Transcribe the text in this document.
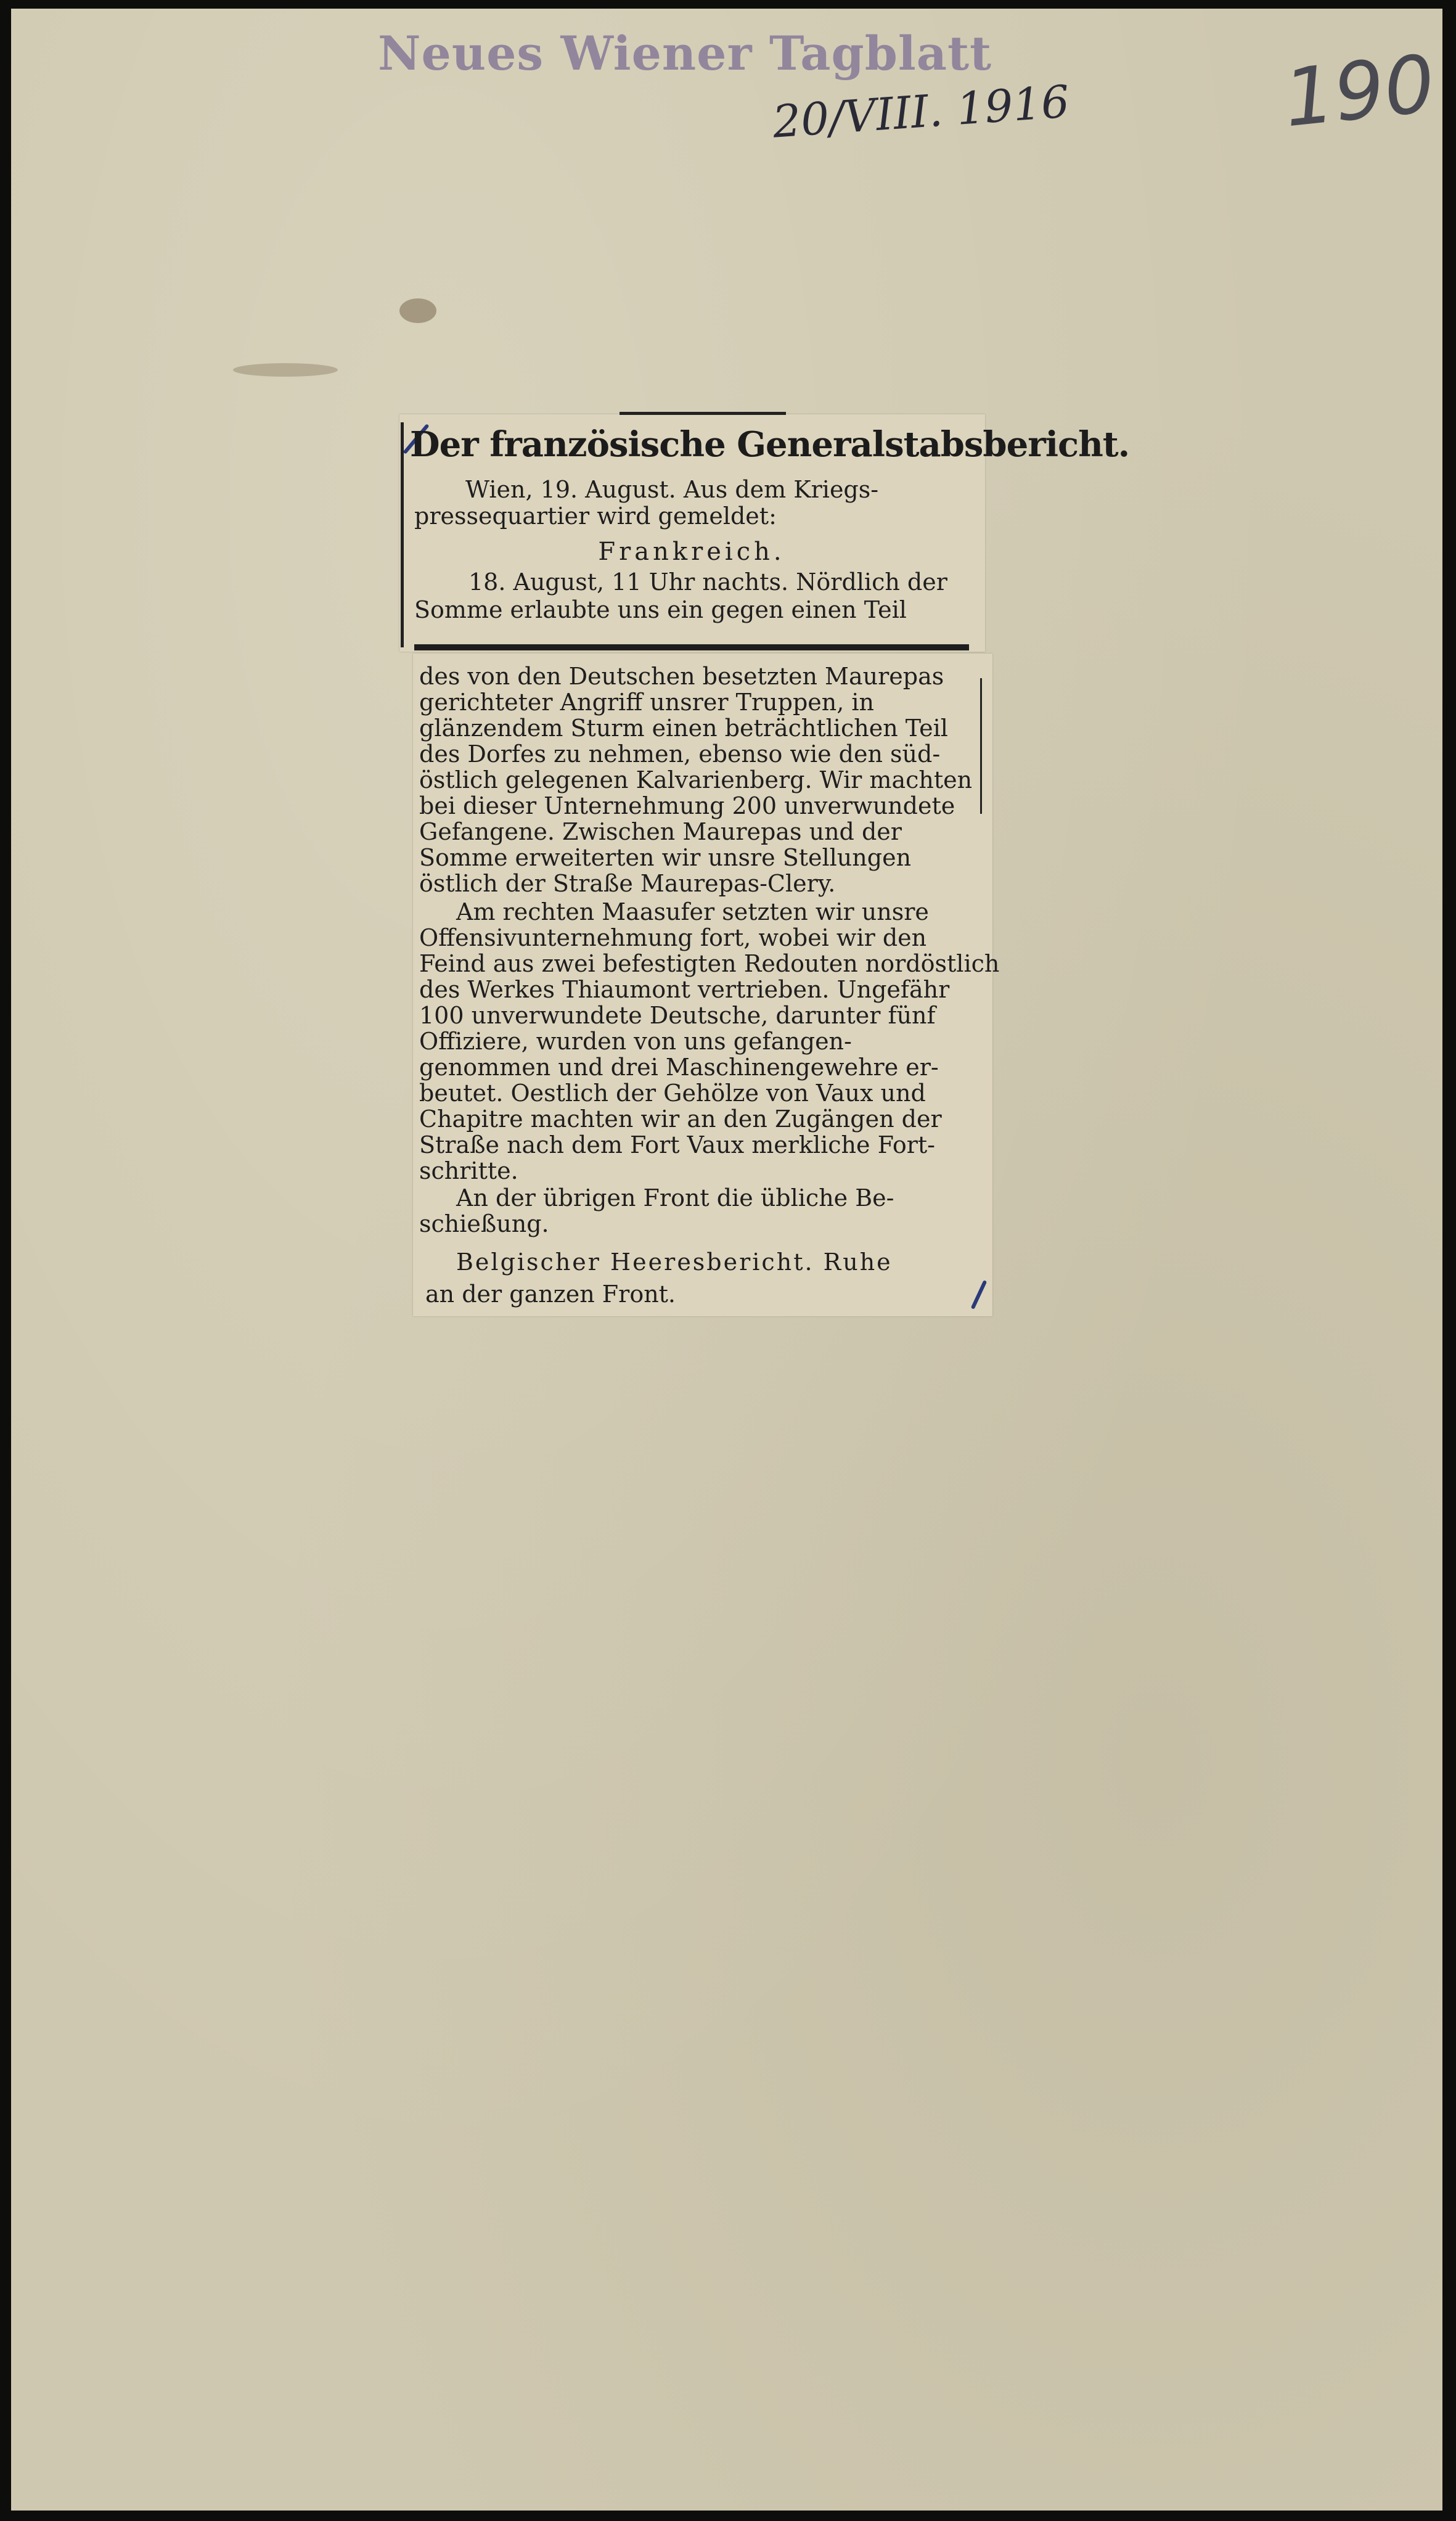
Neues Wiener Tagblatt
20/VIII. 1916	190
Der französische Generalstabsbericht.
Wien, 19. August. Aus dem Kriegs-
pressequartier wird gemeldet:
Frankreich.
18. August, 11 Uhr nachts. Nördlich der
Somme erlaubte uns ein gegen einen Teil
des von den Deutschen besetzten Maurepas
gerichteter Angriff unsrer Truppen, in
glänzendem Sturm einen beträchtlichen Teil
des Dorfes zu nehmen, ebenso wie den süd-
östlich gelegenen Kalvarienberg. Wir machten
bei dieser Unternehmung 200 unverwundete
Gefangene. Zwischen Maurepas und der
Somme erweiterten wir unsre Stellungen
östlich der Straße Maurepas-Clery.
Am rechten Maasufer setzten wir unsre
Offensivunternehmung fort, wobei wir den
Feind aus zwei befestigten Redouten nordöstlich
des Werkes Thiaumont vertrieben. Ungefähr
100 unverwundete Deutsche, darunter fünf
Offiziere, wurden von uns gefangen-
genommen und drei Maschinengewehre er-
beutet. Oestlich der Gehölze von Vaux und
Chapitre machten wir an den Zugängen der
Straße nach dem Fort Vaux merkliche Fort-
schritte.
An der übrigen Front die übliche Be-
schießung.
Belgischer Heeresbericht. Ruhe
an der ganzen Front.
